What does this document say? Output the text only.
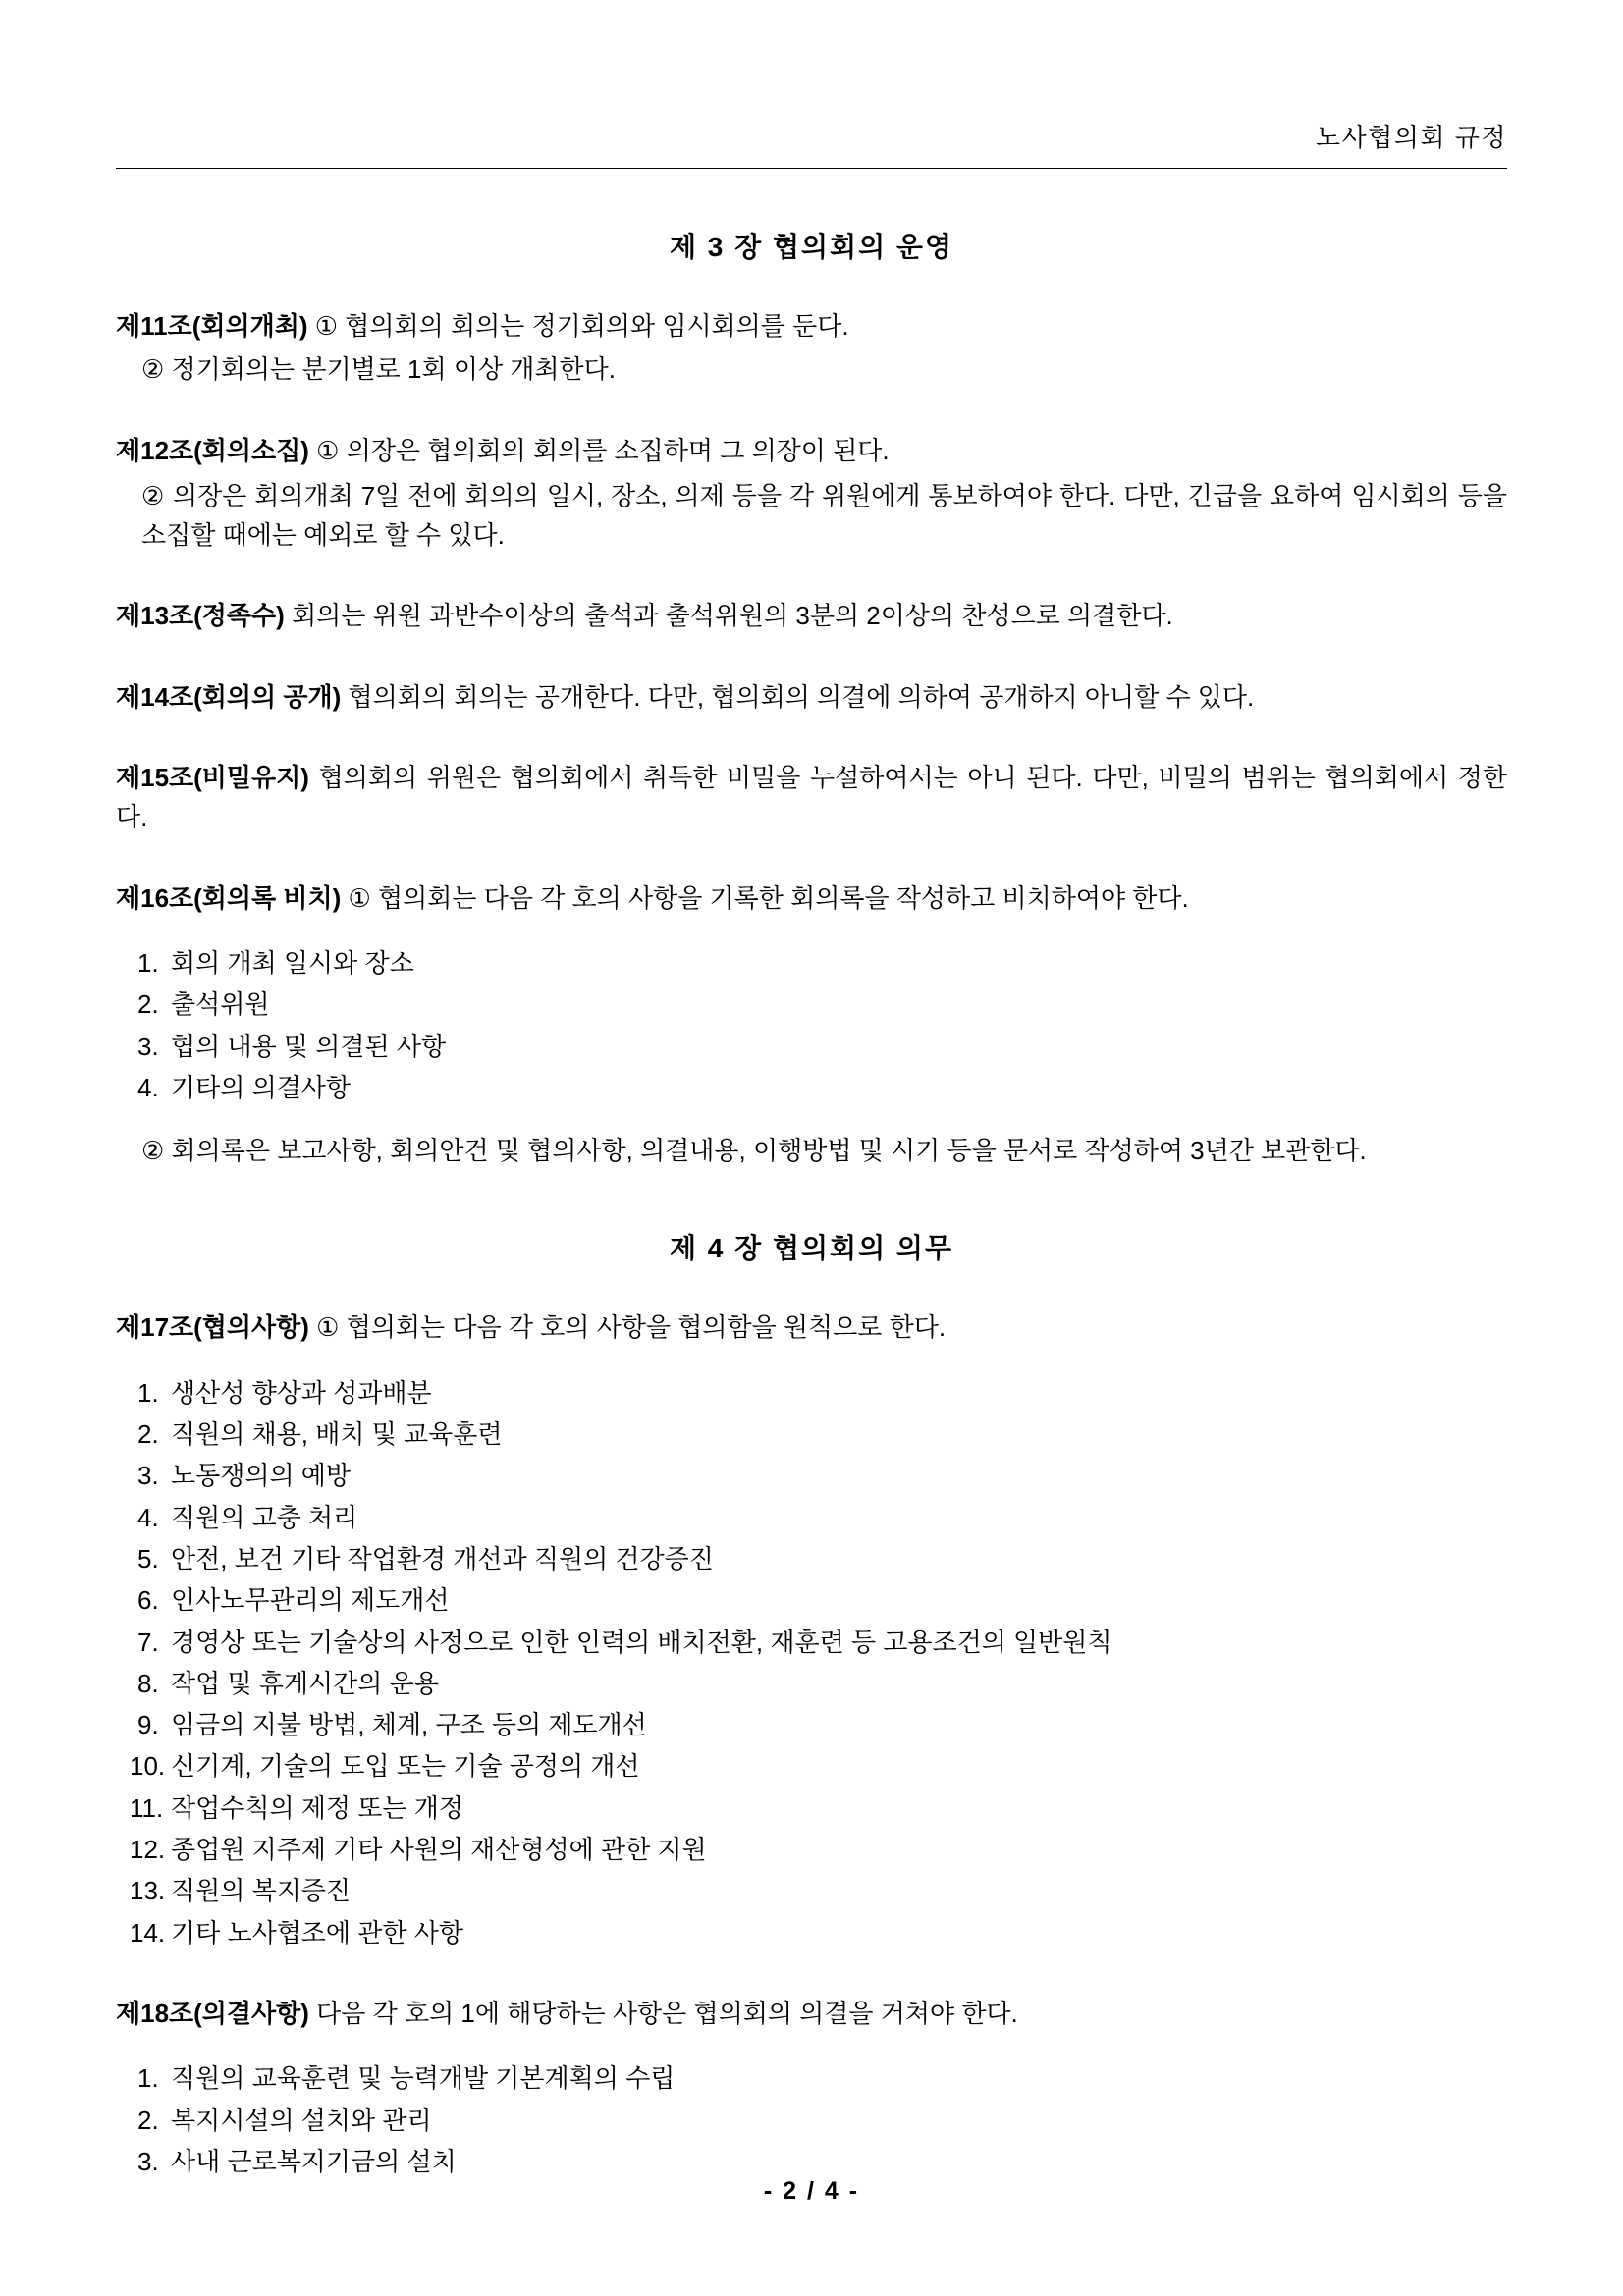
노사협의회 규정
제 3 장 협의회의 운영
제11조(회의개최) ① 협의회의 회의는 정기회의와 임시회의를 둔다.
② 정기회의는 분기별로 1회 이상 개최한다.
제12조(회의소집) ① 의장은 협의회의 회의를 소집하며 그 의장이 된다.
② 의장은 회의개최 7일 전에 회의의 일시, 장소, 의제 등을 각 위원에게 통보하여야 한다. 다만, 긴급을 요하여 임시회의 등을 소집할 때에는 예외로 할 수 있다.
제13조(정족수) 회의는 위원 과반수이상의 출석과 출석위원의 3분의 2이상의 찬성으로 의결한다.
제14조(회의의 공개) 협의회의 회의는 공개한다. 다만, 협의회의 의결에 의하여 공개하지 아니할 수 있다.
제15조(비밀유지) 협의회의 위원은 협의회에서 취득한 비밀을 누설하여서는 아니 된다. 다만, 비밀의 범위는 협의회에서 정한다.
제16조(회의록 비치) ① 협의회는 다음 각 호의 사항을 기록한 회의록을 작성하고 비치하여야 한다.
1. 회의 개최 일시와 장소
2. 출석위원
3. 협의 내용 및 의결된 사항
4. 기타의 의결사항
② 회의록은 보고사항, 회의안건 및 협의사항, 의결내용, 이행방법 및 시기 등을 문서로 작성하여 3년간 보관한다.
제 4 장 협의회의 의무
제17조(협의사항) ① 협의회는 다음 각 호의 사항을 협의함을 원칙으로 한다.
1. 생산성 향상과 성과배분
2. 직원의 채용, 배치 및 교육훈련
3. 노동쟁의의 예방
4. 직원의 고충 처리
5. 안전, 보건 기타 작업환경 개선과 직원의 건강증진
6. 인사노무관리의 제도개선
7. 경영상 또는 기술상의 사정으로 인한 인력의 배치전환, 재훈련 등 고용조건의 일반원칙
8. 작업 및 휴게시간의 운용
9. 임금의 지불 방법, 체계, 구조 등의 제도개선
10. 신기계, 기술의 도입 또는 기술 공정의 개선
11. 작업수칙의 제정 또는 개정
12. 종업원 지주제 기타 사원의 재산형성에 관한 지원
13. 직원의 복지증진
14. 기타 노사협조에 관한 사항
제18조(의결사항) 다음 각 호의 1에 해당하는 사항은 협의회의 의결을 거쳐야 한다.
1. 직원의 교육훈련 및 능력개발 기본계획의 수립
2. 복지시설의 설치와 관리
3. 사내 근로복지기금의 설치
- 2 / 4 -
